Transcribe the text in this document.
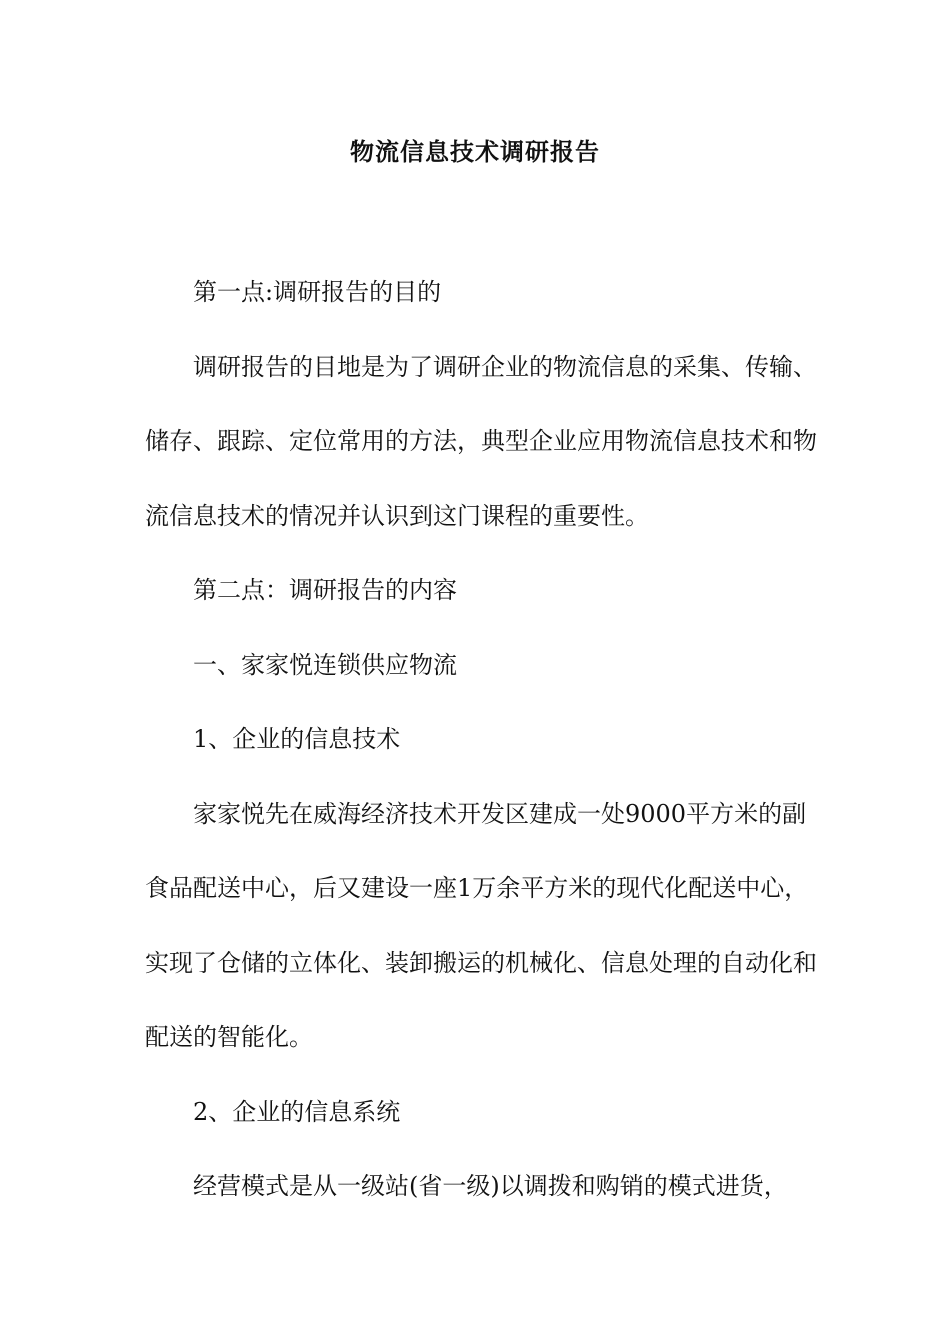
物流信息技术调研报告

第一点:调研报告的目的

调研报告的目地是为了调研企业的物流信息的采集、传输、储存、跟踪、定位常用的方法，典型企业应用物流信息技术和物流信息技术的情况并认识到这门课程的重要性。

第二点：调研报告的内容

一、家家悦连锁供应物流

1、企业的信息技术

家家悦先在威海经济技术开发区建成一处9000平方米的副食品配送中心，后又建设一座1万余平方米的现代化配送中心，实现了仓储的立体化、装卸搬运的机械化、信息处理的自动化和配送的智能化。

2、企业的信息系统

经营模式是从一级站(省一级)以调拨和购销的模式进货，
